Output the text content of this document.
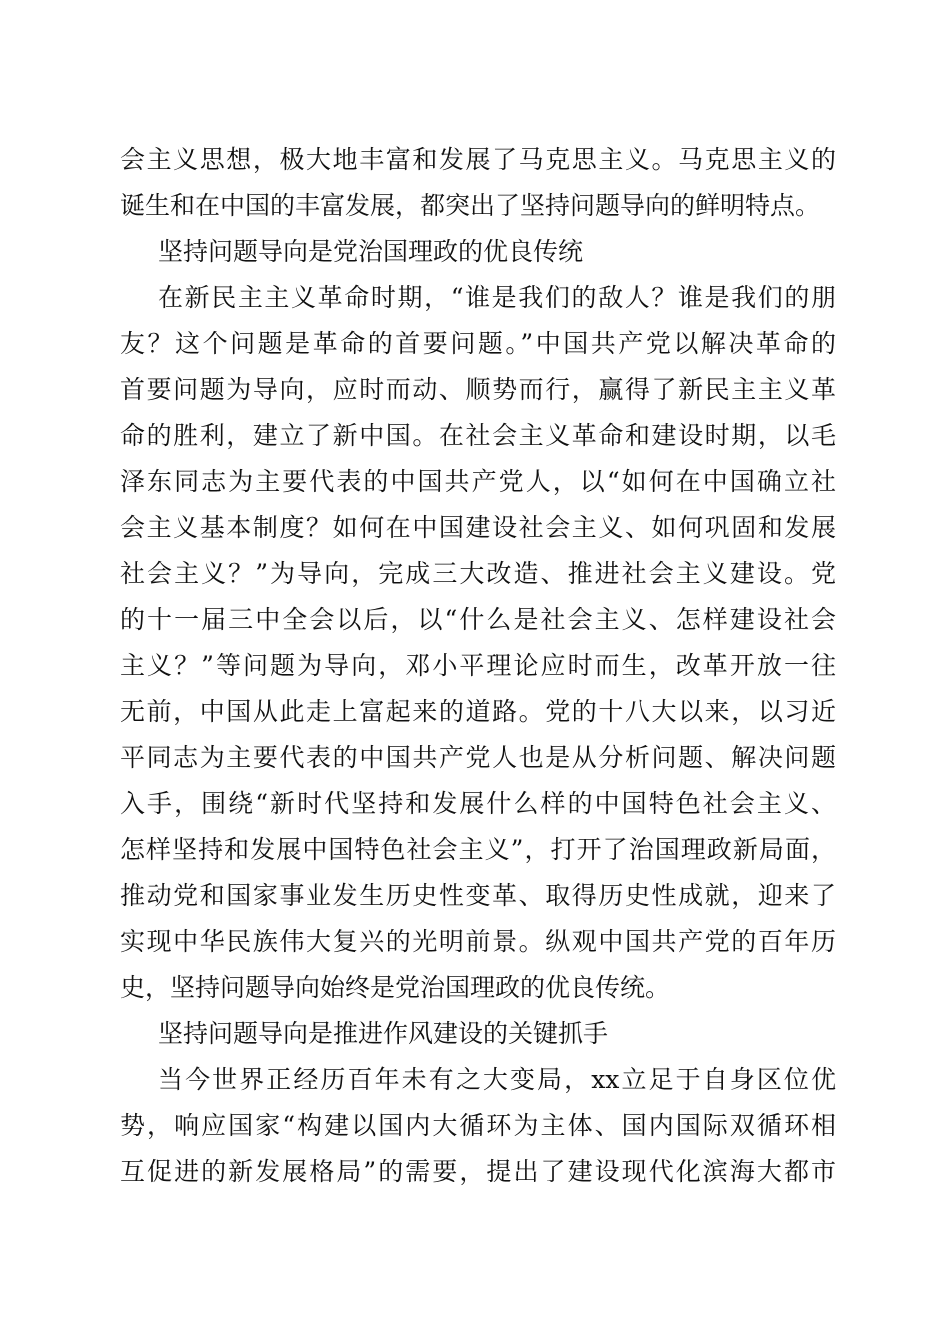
会主义思想，极大地丰富和发展了马克思主义。马克思主义的
诞生和在中国的丰富发展，都突出了坚持问题导向的鲜明特点。
坚持问题导向是党治国理政的优良传统
在新民主主义革命时期，“谁是我们的敌人？谁是我们的朋
友？这个问题是革命的首要问题。”中国共产党以解决革命的
首要问题为导向，应时而动、顺势而行，赢得了新民主主义革
命的胜利，建立了新中国。在社会主义革命和建设时期，以毛
泽东同志为主要代表的中国共产党人，以“如何在中国确立社
会主义基本制度？如何在中国建设社会主义、如何巩固和发展
社会主义？”为导向，完成三大改造、推进社会主义建设。党
的十一届三中全会以后，以“什么是社会主义、怎样建设社会
主义？”等问题为导向，邓小平理论应时而生，改革开放一往
无前，中国从此走上富起来的道路。党的十八大以来，以习近
平同志为主要代表的中国共产党人也是从分析问题、解决问题
入手，围绕“新时代坚持和发展什么样的中国特色社会主义、
怎样坚持和发展中国特色社会主义”，打开了治国理政新局面，
推动党和国家事业发生历史性变革、取得历史性成就，迎来了
实现中华民族伟大复兴的光明前景。纵观中国共产党的百年历
史，坚持问题导向始终是党治国理政的优良传统。
坚持问题导向是推进作风建设的关键抓手
当今世界正经历百年未有之大变局，xx立足于自身区位优
势，响应国家“构建以国内大循环为主体、国内国际双循环相
互促进的新发展格局”的需要，提出了建设现代化滨海大都市
